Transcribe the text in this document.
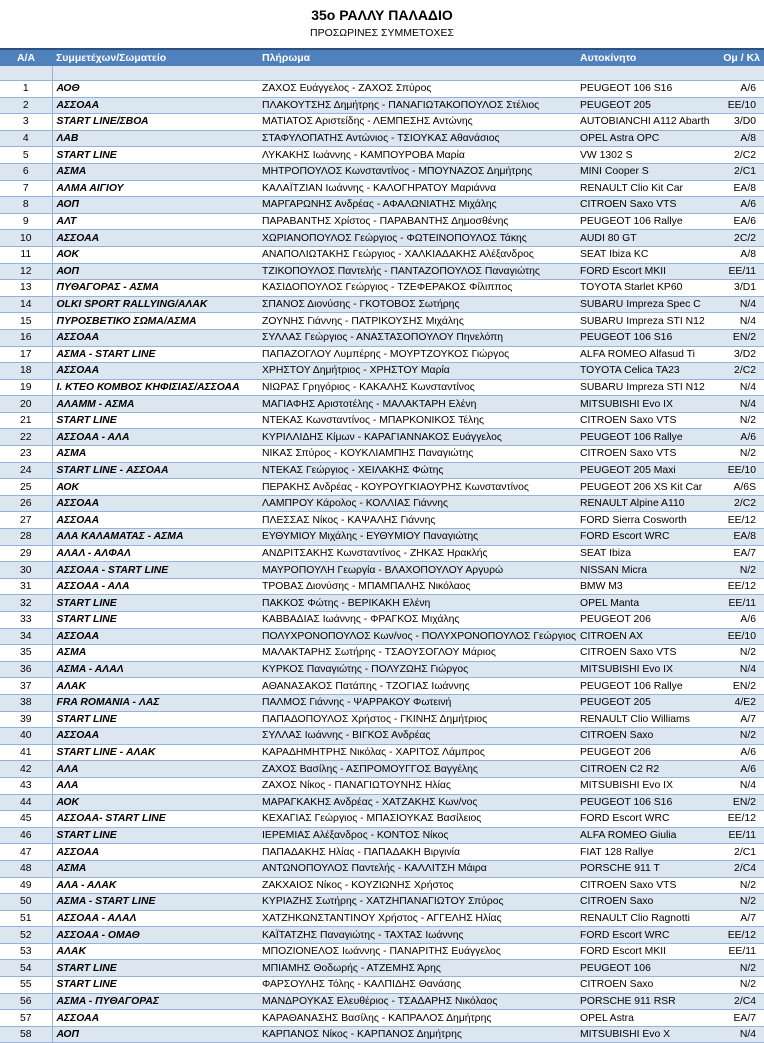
35ο ΡΑΛΛΥ ΠΑΛΑΔΙΟ
ΠΡΟΣΩΡΙΝΕΣ ΣΥΜΜΕΤΟΧΕΣ
Α/Α	Συμμετέχων/Σωματείο	Πλήρωμα	Αυτοκίνητο	Ομ / Κλ

1	ΑΟΘ	ΖΑΧΟΣ Ευάγγελος - ΖΑΧΟΣ Σπύρος	PEUGEOT 106 S16	A/6
2	ΑΣΣΟΑΑ	ΠΛΑΚΟΥΤΣΗΣ Δημήτρης - ΠΑΝΑΓΙΩΤΑΚΟΠΟΥΛΟΣ Στέλιος	PEUGEOT 205	EE/10
3	START LINE/ΣΒΟΑ	ΜΑΤΙΑΤΟΣ Αριστείδης - ΛΕΜΠΕΣΗΣ Αντώνης	AUTOBIANCHI A112 Abarth	3/D0
4	ΛΑΒ	ΣΤΑΦΥΛΟΠΑΤΗΣ Αντώνιος - ΤΣΙΟΥΚΑΣ Αθανάσιος	OPEL Astra OPC	A/8
5	START LINE	ΛΥΚΑΚΗΣ Ιωάννης - ΚΑΜΠΟΥΡΟΒΑ Μαρία	VW 1302 S	2/C2
6	ΑΣΜΑ	ΜΗΤΡΟΠΟΥΛΟΣ Κωνσταντίνος - ΜΠΟΥΝΑΖΟΣ Δημήτρης	MINI Cooper S	2/C1
7	ΑΛΜΑ ΑΙΓΙΟΥ	ΚΑΛΑΪΤΖΙΑΝ Ιωάννης - ΚΑΛΟΓΗΡΑΤΟΥ Μαριάννα	RENAULT Clio Kit Car	EA/8
8	ΑΟΠ	ΜΑΡΓΑΡΩΝΗΣ Ανδρέας - ΑΦΑΛΩΝΙΑΤΗΣ Μιχάλης	CITROEN Saxo VTS	A/6
9	ΑΛΤ	ΠΑΡΑΒΑΝΤΗΣ Χρίστος - ΠΑΡΑΒΑΝΤΗΣ Δημοσθένης	PEUGEOT 106 Rallye	EA/6
10	ΑΣΣΟΑΑ	ΧΩΡΙΑΝΟΠΟΥΛΟΣ Γεώργιος - ΦΩΤΕΙΝΟΠΟΥΛΟΣ Τάκης	AUDI 80 GT	2C/2
11	ΑΟΚ	ΑΝΑΠΟΛΙΩΤΑΚΗΣ Γεώργιος - ΧΑΛΚΙΑΔΑΚΗΣ Αλέξανδρος	SEAT Ibiza KC	A/8
12	ΑΟΠ	ΤΖΙΚΟΠΟΥΛΟΣ Παντελής - ΠΑΝΤΑΖΟΠΟΥΛΟΣ Παναγιώτης	FORD Escort MKII	EE/11
13	ΠΥΘΑΓΟΡΑΣ - ΑΣΜΑ	ΚΑΣΙΔΟΠΟΥΛΟΣ Γεώργιος - ΤΖΕΦΕΡΑΚΟΣ Φίλιππος	TOYOTA Starlet KP60	3/D1
14	OLKI SPORT RALLYING/ΑΛΑΚ	ΣΠΑΝΟΣ Διονύσης - ΓΚΟΤΟΒΟΣ Σωτήρης	SUBARU Impreza Spec C	N/4
15	ΠΥΡΟΣΒΕΤΙΚΟ ΣΩΜΑ/ΑΣΜΑ	ΖΟΥΝΗΣ Γιάννης - ΠΑΤΡΙΚΟΥΣΗΣ Μιχάλης	SUBARU Impreza STI N12	N/4
16	ΑΣΣΟΑΑ	ΣΥΛΛΑΣ Γεώργιος - ΑΝΑΣΤΑΣΟΠΟΥΛΟΥ Πηνελόπη	PEUGEOT 106 S16	EN/2
17	ΑΣΜΑ - START LINE	ΠΑΠΑΖΟΓΛΟΥ Λυμπέρης - ΜΟΥΡΤΖΟΥΚΟΣ Γιώργος	ALFA ROMEO Alfasud Ti	3/D2
18	ΑΣΣΟΑΑ	ΧΡΗΣΤΟΥ Δημήτριος - ΧΡΗΣΤΟΥ Μαρία	TOYOTA Celica TA23	2/C2
19	Ι. ΚΤΕΟ ΚΟΜΒΟΣ ΚΗΦΙΣΙΑΣ/ΑΣΣΟΑΑ	ΝΙΩΡΑΣ Γρηγόριος - ΚΑΚΑΛΗΣ Κωνσταντίνος	SUBARU Impreza STI N12	N/4
20	ΑΛΑΜΜ - ΑΣΜΑ	ΜΑΓΙΑΦΗΣ Αριστοτέλης - ΜΑΛΑΚΤΑΡΗ Ελένη	MITSUBISHI Evo IX	N/4
21	START LINE	ΝΤΕΚΑΣ Κωνσταντίνος - ΜΠΑΡΚΟΝΙΚΟΣ Τέλης	CITROEN Saxo VTS	N/2
22	ΑΣΣΟΑΑ - ΑΛΑ	ΚΥΡΙΛΛΙΔΗΣ Κίμων - ΚΑΡΑΓΙΑΝΝΑΚΟΣ Ευάγγελος	PEUGEOT 106 Rallye	A/6
23	ΑΣΜΑ	ΝΙΚΑΣ Σπύρος - ΚΟΥΚΛΙΑΜΠΗΣ Παναγιώτης	CITROEN Saxo VTS	N/2
24	START LINE - ΑΣΣΟΑΑ	ΝΤΕΚΑΣ Γεώργιος - ΧΕΙΛΑΚΗΣ Φώτης	PEUGEOT 205 Maxi	EE/10
25	ΑΟΚ	ΠΕΡΑΚΗΣ Ανδρέας - ΚΟΥΡΟΥΓΚΙΑΟΥΡΗΣ Κωνσταντίνος	PEUGEOT 206 XS Kit Car	A/6S
26	ΑΣΣΟΑΑ	ΛΑΜΠΡΟΥ Κάρολος - ΚΟΛΛΙΑΣ Γιάννης	RENAULT Alpine A110	2/C2
27	ΑΣΣΟΑΑ	ΠΛΕΣΣΑΣ Νίκος - ΚΑΨΑΛΗΣ Γιάννης	FORD Sierra Cosworth	EE/12
28	ΑΛΑ ΚΑΛΑΜΑΤΑΣ - ΑΣΜΑ	ΕΥΘΥΜΙΟΥ Μιχάλης - ΕΥΘΥΜΙΟΥ Παναγιώτης	FORD Escort WRC	EA/8
29	ΑΛΑΛ - ΑΛΦΑΛ	ΑΝΔΡΙΤΣΑΚΗΣ Κωνσταντίνος - ΖΗΚΑΣ Ηρακλής	SEAT Ibiza	EA/7
30	ΑΣΣΟΑΑ - START LINE	ΜΑΥΡΟΠΟΥΛΗ Γεωργία - ΒΛΑΧΟΠΟΥΛΟΥ Αργυρώ	NISSAN Micra	N/2
31	ΑΣΣΟΑΑ - ΑΛΑ	ΤΡΟΒΑΣ Διονύσης - ΜΠΑΜΠΑΛΗΣ Νικόλαος	BMW M3	EE/12
32	START LINE	ΠΑΚΚΟΣ Φώτης - ΒΕΡΙΚΑΚΗ Ελένη	OPEL Manta	EE/11
33	START LINE	ΚΑΒΒΑΔΙΑΣ Ιωάννης - ΦΡΑΓΚΟΣ Μιχάλης	PEUGEOT 206	A/6
34	ΑΣΣΟΑΑ	ΠΟΛΥΧΡΟΝΟΠΟΥΛΟΣ Κων/νος - ΠΟΛΥΧΡΟΝΟΠΟΥΛΟΣ Γεώργιος	CITROEN AX	EE/10
35	ΑΣΜΑ	ΜΑΛΑΚΤΑΡΗΣ Σωτήρης - ΤΣΑΟΥΣΟΓΛΟΥ Μάριος	CITROEN Saxo VTS	N/2
36	ΑΣΜΑ - ΑΛΑΛ	ΚΥΡΚΟΣ Παναγιώτης - ΠΟΛΥΖΩΗΣ Γιώργος	MITSUBISHI Evo IX	N/4
37	ΑΛΑΚ	ΑΘΑΝΑΣΑΚΟΣ Πατάπης - ΤΖΟΓΙΑΣ Ιωάννης	PEUGEOT 106 Rallye	EN/2
38	FRA ROMANIA - ΛΑΣ	ΠΑΛΜΟΣ Γιάννης - ΨΑΡΡΑΚΟΥ Φωτεινή	PEUGEOT 205	4/E2
39	START LINE	ΠΑΠΑΔΟΠΟΥΛΟΣ Χρήστος - ΓΚΙΝΗΣ Δημήτριος	RENAULT Clio Williams	A/7
40	ΑΣΣΟΑΑ	ΣΥΛΛΑΣ Ιωάννης - ΒΙΓΚΟΣ Ανδρέας	CITROEN Saxo	N/2
41	START LINE - ΑΛΑΚ	ΚΑΡΑΔΗΜΗΤΡΗΣ Νικόλας - ΧΑΡΙΤΟΣ Λάμπρος	PEUGEOT 206	A/6
42	ΑΛΑ	ΖΑΧΟΣ Βασίλης - ΑΣΠΡΟΜΟΥΓΓΟΣ Βαγγέλης	CITROEN C2 R2	A/6
43	ΑΛΑ	ΖΑΧΟΣ Νίκος - ΠΑΝΑΓΙΩΤΟΥΝΗΣ Ηλίας	MITSUBISHI Evo IX	N/4
44	ΑΟΚ	ΜΑΡΑΓΚΑΚΗΣ Ανδρέας - ΧΑΤΖΑΚΗΣ Κων/νος	PEUGEOT 106 S16	EN/2
45	ΑΣΣΟΑΑ- START LINE	ΚΕΧΑΓΙΑΣ Γεώργιος - ΜΠΑΣΙΟΥΚΑΣ Βασίλειος	FORD Escort WRC	EE/12
46	START LINE	ΙΕΡΕΜΙΑΣ Αλέξανδρος - ΚΟΝΤΟΣ Νίκος	ALFA ROMEO Giulia	EE/11
47	ΑΣΣΟΑΑ	ΠΑΠΑΔΑΚΗΣ Ηλίας - ΠΑΠΑΔΑΚΗ Βιργινία	FIAT 128 Rallye	2/C1
48	ΑΣΜΑ	ΑΝΤΩΝΟΠΟΥΛΟΣ Παντελής - ΚΑΛΛΙΤΣΗ Μάιρα	PORSCHE 911 T	2/C4
49	ΑΛΑ - ΑΛΑΚ	ΖΑΚΧΑΙΟΣ Νίκος - ΚΟΥΖΙΩΝΗΣ Χρήστος	CITROEN Saxo VTS	N/2
50	ΑΣΜΑ - START LINE	ΚΥΡΙΑΖΗΣ Σωτήρης - ΧΑΤΖΗΠΑΝΑΓΙΩΤΟΥ Σπύρος	CITROEN Saxo	N/2
51	ΑΣΣΟΑΑ - ΑΛΑΛ	ΧΑΤΖΗΚΩΝΣΤΑΝΤΙΝΟΥ Χρήστος - ΑΓΓΕΛΗΣ Ηλίας	RENAULT Clio Ragnotti	A/7
52	ΑΣΣΟΑΑ - ΟΜΑΘ	ΚΑΪΤΑΤΖΗΣ Παναγιώτης - ΤΑΧΤΑΣ Ιωάννης	FORD Escort WRC	EE/12
53	ΑΛΑΚ	ΜΠΟΖΙΟΝΕΛΟΣ Ιωάννης - ΠΑΝΑΡΙΤΗΣ Ευάγγελος	FORD Escort MKII	EE/11
54	START LINE	ΜΠΙΑΜΗΣ Θοδωρής - ΑΤΖΕΜΗΣ Άρης	PEUGEOT 106	N/2
55	START LINE	ΦΑΡΣΟΥΛΗΣ Τόλης - ΚΑΛΠΙΔΗΣ Θανάσης	CITROEN Saxo	N/2
56	ΑΣΜΑ - ΠΥΘΑΓΟΡΑΣ	ΜΑΝΔΡΟΥΚΑΣ Ελευθέριος - ΤΣΑΔΑΡΗΣ Νικόλαος	PORSCHE 911 RSR	2/C4
57	ΑΣΣΟΑΑ	ΚΑΡΑΘΑΝΑΣΗΣ Βασίλης - ΚΑΠΡΑΛΟΣ Δημήτρης	OPEL Astra	EA/7
58	ΑΟΠ	ΚΑΡΠΑΝΟΣ Νίκος - ΚΑΡΠΑΝΟΣ Δημήτρης	MITSUBISHI Evo X	N/4
